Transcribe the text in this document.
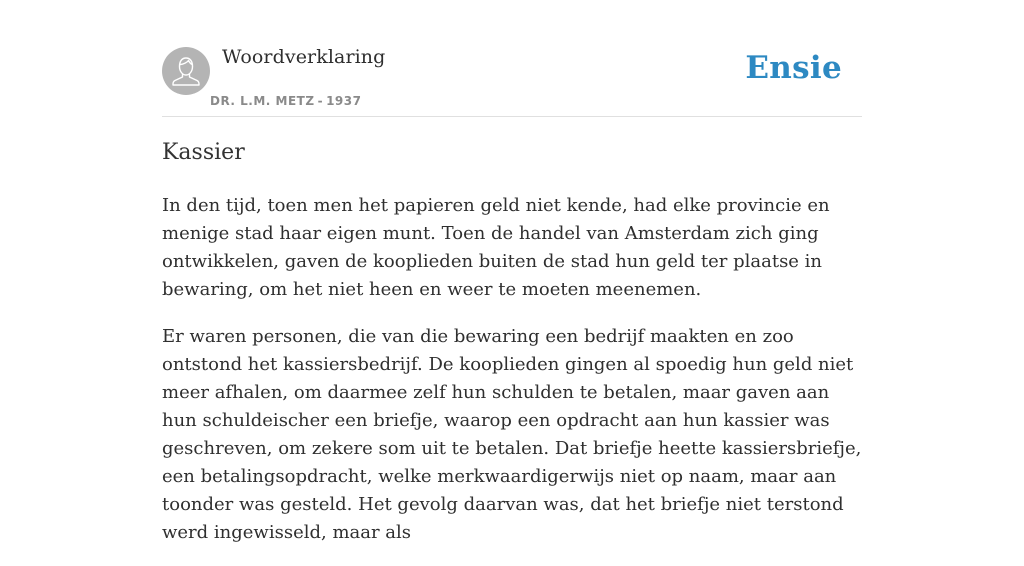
Woordverklaring
DR. L.M. METZ - 1937
Ensie
Kassier

In den tijd, toen men het papieren geld niet kende, had elke provincie en menige stad haar eigen munt. Toen de handel van Amsterdam zich ging ontwikkelen, gaven de kooplieden buiten de stad hun geld ter plaatse in bewaring, om het niet heen en weer te moeten meenemen.

Er waren personen, die van die bewaring een bedrijf maakten en zoo ontstond het kassiersbedrijf. De kooplieden gingen al spoedig hun geld niet meer afhalen, om daarmee zelf hun schulden te betalen, maar gaven aan hun schuldeischer een briefje, waarop een opdracht aan hun kassier was geschreven, om zekere som uit te betalen. Dat briefje heette kassiersbriefje, een betalingsopdracht, welke merkwaardigerwijs niet op naam, maar aan toonder was gesteld. Het gevolg daarvan was, dat het briefje niet terstond werd ingewisseld, maar als
